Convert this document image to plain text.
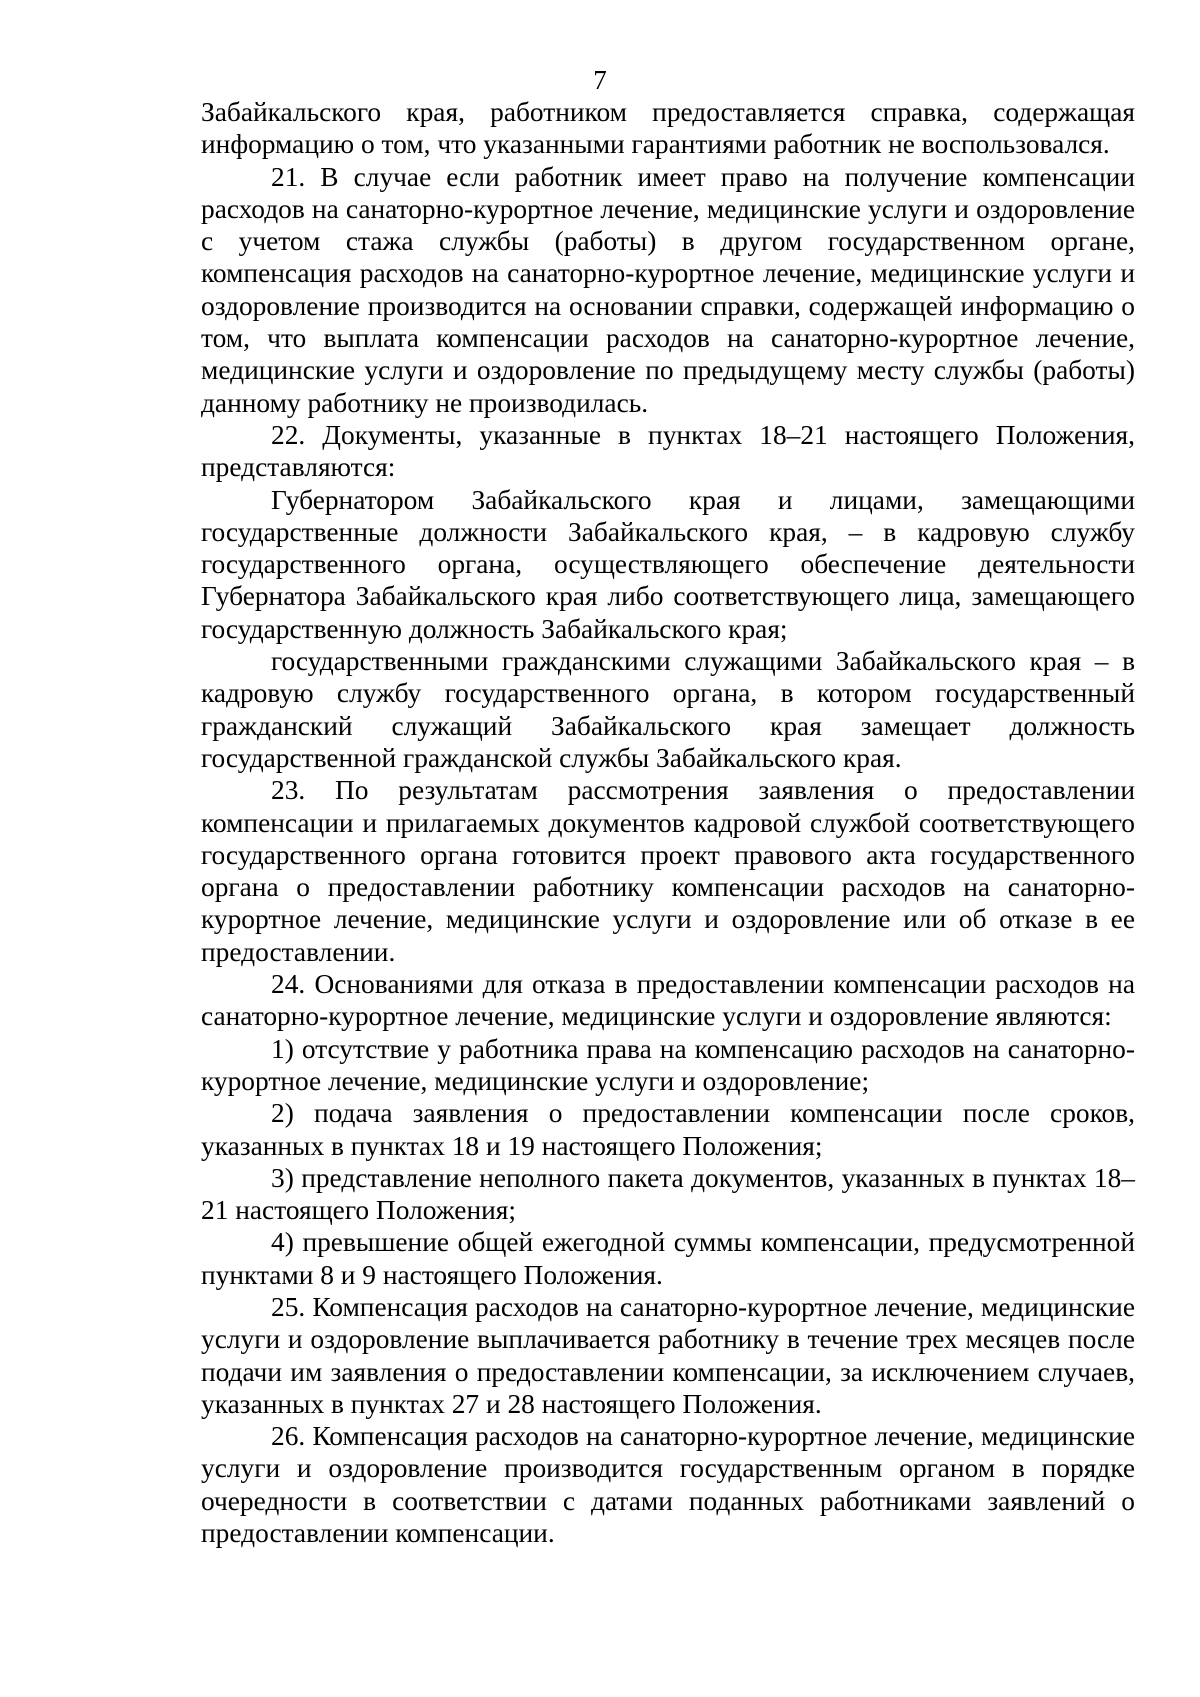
7

Забайкальского края, работником предоставляется справка, содержащая информацию о том, что указанными гарантиями работник не воспользовался.

21. В случае если работник имеет право на получение компенсации расходов на санаторно-курортное лечение, медицинские услуги и оздоровление с учетом стажа службы (работы) в другом государственном органе, компенсация расходов на санаторно-курортное лечение, медицинские услуги и оздоровление производится на основании справки, содержащей информацию о том, что выплата компенсации расходов на санаторно-курортное лечение, медицинские услуги и оздоровление по предыдущему месту службы (работы) данному работнику не производилась.

22. Документы, указанные в пунктах 18–21 настоящего Положения, представляются:

Губернатором Забайкальского края и лицами, замещающими государственные должности Забайкальского края, – в кадровую службу государственного органа, осуществляющего обеспечение деятельности Губернатора Забайкальского края либо соответствующего лица, замещающего государственную должность Забайкальского края;

государственными гражданскими служащими Забайкальского края – в кадровую службу государственного органа, в котором государственный гражданский служащий Забайкальского края замещает должность государственной гражданской службы Забайкальского края.

23. По результатам рассмотрения заявления о предоставлении компенсации и прилагаемых документов кадровой службой соответствующего государственного органа готовится проект правового акта государственного органа о предоставлении работнику компенсации расходов на санаторно-курортное лечение, медицинские услуги и оздоровление или об отказе в ее предоставлении.

24. Основаниями для отказа в предоставлении компенсации расходов на санаторно-курортное лечение, медицинские услуги и оздоровление являются:

1) отсутствие у работника права на компенсацию расходов на санаторно-курортное лечение, медицинские услуги и оздоровление;

2) подача заявления о предоставлении компенсации после сроков, указанных в пунктах 18 и 19 настоящего Положения;

3) представление неполного пакета документов, указанных в пунктах 18–21 настоящего Положения;

4) превышение общей ежегодной суммы компенсации, предусмотренной пунктами 8 и 9 настоящего Положения.

25. Компенсация расходов на санаторно-курортное лечение, медицинские услуги и оздоровление выплачивается работнику в течение трех месяцев после подачи им заявления о предоставлении компенсации, за исключением случаев, указанных в пунктах 27 и 28 настоящего Положения.

26. Компенсация расходов на санаторно-курортное лечение, медицинские услуги и оздоровление производится государственным органом в порядке очередности в соответствии с датами поданных работниками заявлений о предоставлении компенсации.
